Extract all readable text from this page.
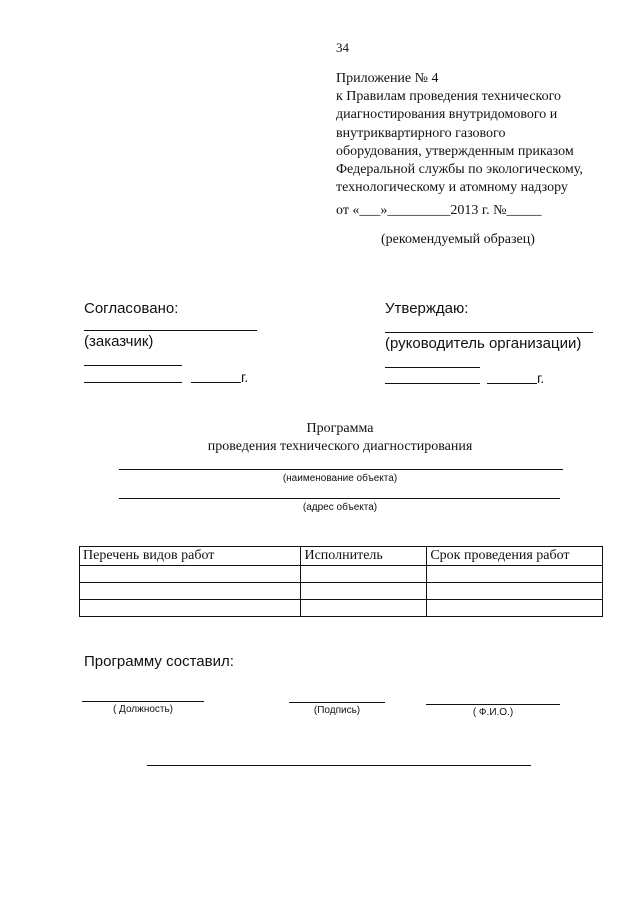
34
Приложение № 4
к Правилам проведения технического
диагностирования внутридомового и
внутриквартирного газового
оборудования, утвержденным приказом
Федеральной службы по экологическому,
технологическому и атомному надзору
от «___»_________2013 г. №_____
(рекомендуемый образец)
Согласовано:
(заказчик)
г.
Утверждаю:
(руководитель организации)
г.
Программа
проведения технического диагностирования
(наименование объекта)
(адрес объекта)
Перечень видов работ	Исполнитель	Срок проведения работ

Программу составил:
( Должность)	(Подпись)	( Ф.И.О.)
